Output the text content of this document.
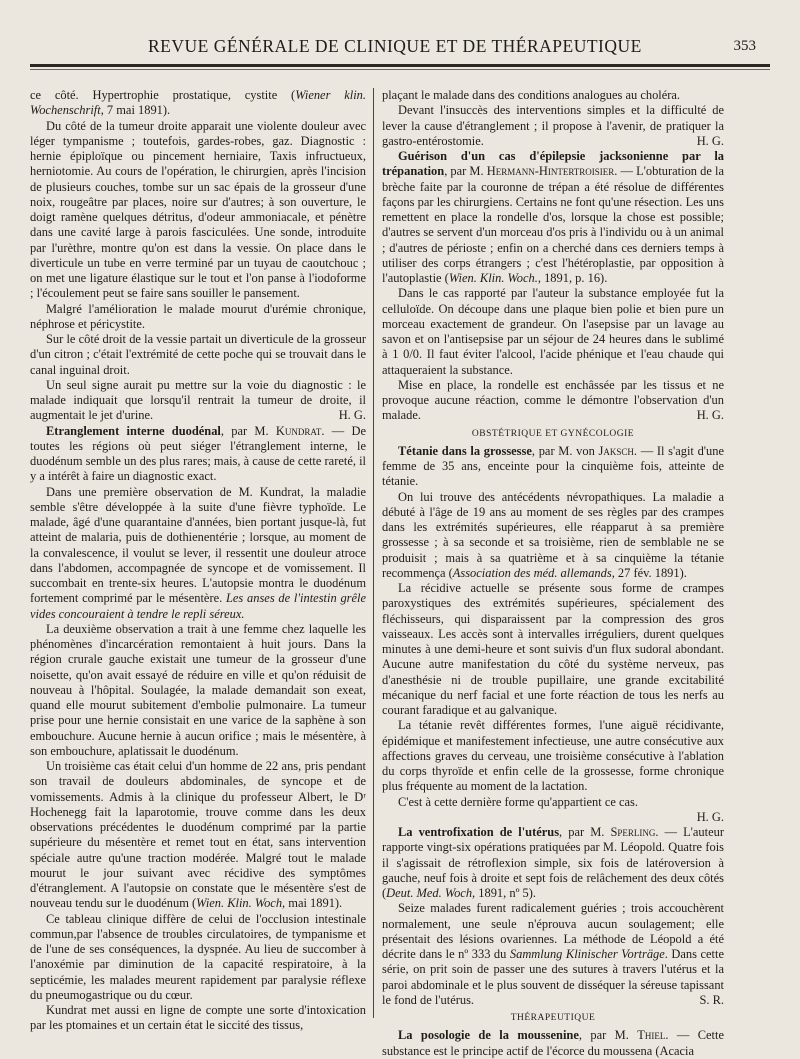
REVUE GÉNÉRALE DE CLINIQUE ET DE THÉRAPEUTIQUE	353

ce côté. Hypertrophie prostatique, cystite (Wiener klin. Wochenschrift, 7 mai 1891).

Du côté de la tumeur droite apparait une violente douleur avec léger tympanisme ; toutefois, gardes-robes, gaz. Diagnostic : hernie épiploïque ou pincement herniaire, Taxis infructueux, herniotomie. Au cours de l'opération, le chirurgien, après l'incision de plusieurs couches, tombe sur un sac épais de la grosseur d'une noix, rougeâtre par places, noire sur d'autres; à son ouverture, le doigt ramène quelques détritus, d'odeur ammoniacale, et pénètre dans une cavité large à parois fasciculées. Une sonde, introduite par l'urèthre, montre qu'on est dans la vessie. On place dans le diverticule un tube en verre terminé par un tuyau de caoutchouc ; on met une ligature élastique sur le tout et l'on panse à l'iodoforme ; l'écoulement peut se faire sans souiller le pansement.

Malgré l'amélioration le malade mourut d'urémie chronique, néphrose et péricystite.

Sur le côté droit de la vessie partait un diverticule de la grosseur d'un citron ; c'était l'extrémité de cette poche qui se trouvait dans le canal inguinal droit.

Un seul signe aurait pu mettre sur la voie du diagnostic : le malade indiquait que lorsqu'il rentrait la tumeur de droite, il augmentait le jet d'urine.	H. G.

Etranglement interne duodénal, par M. Kundrat. — De toutes les régions où peut siéger l'étranglement interne, le duodénum semble un des plus rares; mais, à cause de cette rareté, il y a intérêt à faire un diagnostic exact.

Dans une première observation de M. Kundrat, la maladie semble s'être développée à la suite d'une fièvre typhoïde. Le malade, âgé d'une quarantaine d'années, bien portant jusque-là, fut atteint de malaria, puis de dothienentérie ; lorsque, au moment de la convalescence, il voulut se lever, il ressentit une douleur atroce dans l'abdomen, accompagnée de syncope et de vomissement. Il succombait en trente-six heures. L'autopsie montra le duodénum fortement comprimé par le mésentère. Les anses de l'intestin grêle vides concouraient à tendre le repli séreux.

La deuxième observation a trait à une femme chez laquelle les phénomènes d'incarcération remontaient à huit jours. Dans la région crurale gauche existait une tumeur de la grosseur d'une noisette, qu'on avait essayé de réduire en ville et qu'on réduisit de nouveau à l'hôpital. Soulagée, la malade demandait son exeat, quand elle mourut subitement d'embolie pulmonaire. La tumeur prise pour une hernie consistait en une varice de la saphène à son embouchure. Aucune hernie à aucun orifice ; mais le mésentère, à son embouchure, aplatissait le duodénum.

Un troisième cas était celui d'un homme de 22 ans, pris pendant son travail de douleurs abdominales, de syncope et de vomissements. Admis à la clinique du professeur Albert, le Dʳ Hochenegg fait la laparotomie, trouve comme dans les deux observations précédentes le duodénum comprimé par la partie supérieure du mésentère et remet tout en état, sans intervention spéciale autre qu'une traction modérée. Malgré tout le malade mourut le jour suivant avec récidive des symptômes d'étranglement. A l'autopsie on constate que le mésentère s'est de nouveau tendu sur le duodénum (Wien. Klin. Woch, mai 1891).

Ce tableau clinique diffère de celui de l'occlusion intestinale commun,par l'absence de troubles circulatoires, de tympanisme et de l'une de ses conséquences, la dyspnée. Au lieu de succomber à l'anoxémie par diminution de la capacité respiratoire, à la septicémie, les malades meurent rapidement par paralysie réflexe du pneumogastrique ou du cœur.

Kundrat met aussi en ligne de compte une sorte d'intoxication par les ptomaines et un certain état le siccité des tissus,

plaçant le malade dans des conditions analogues au choléra.

Devant l'insuccès des interventions simples et la difficulté de lever la cause d'étranglement ; il propose à l'avenir, de pratiquer la gastro-entérostomie.	H. G.

Guérison d'un cas d'épilepsie jacksonienne par la trépanation, par M. Hermann-Hintertroisier. — L'obturation de la brèche faite par la couronne de trépan a été résolue de différentes façons par les chirurgiens. Certains ne font qu'une résection. Les uns remettent en place la rondelle d'os, lorsque la chose est possible; d'autres se servent d'un morceau d'os pris à l'individu ou à un animal ; d'autres de périoste ; enfin on a cherché dans ces derniers temps à utiliser des corps étrangers ; c'est l'hétéroplastie, par opposition à l'autoplastie (Wien. Klin. Woch., 1891, p. 16).

Dans le cas rapporté par l'auteur la substance employée fut la celluloïde. On découpe dans une plaque bien polie et bien pure un morceau exactement de grandeur. On l'asepsise par un lavage au savon et on l'antisepsise par un séjour de 24 heures dans le sublimé à 1 0/0. Il faut éviter l'alcool, l'acide phénique et l'eau chaude qui attaqueraient la substance.

Mise en place, la rondelle est enchâssée par les tissus et ne provoque aucune réaction, comme le démontre l'observation d'un malade.	H. G.

OBSTÉTRIQUE ET GYNÉCOLOGIE

Tétanie dans la grossesse, par M. von Jaksch. — Il s'agit d'une femme de 35 ans, enceinte pour la cinquième fois, atteinte de tétanie.

On lui trouve des antécédents névropathiques. La maladie a débuté à l'âge de 19 ans au moment de ses règles par des crampes dans les extrémités supérieures, elle réapparut à sa première grossesse ; à sa seconde et sa troisième, rien de semblable ne se produisit ; mais à sa quatrième et à sa cinquième la tétanie recommença (Association des méd. allemands, 27 fév. 1891).

La récidive actuelle se présente sous forme de crampes paroxystiques des extrémités supérieures, spécialement des fléchisseurs, qui disparaissent par la compression des gros vaisseaux. Les accès sont à intervalles irréguliers, durent quelques minutes à une demi-heure et sont suivis d'un flux sudoral abondant. Aucune autre manifestation du côté du système nerveux, pas d'anesthésie ni de trouble pupillaire, une grande excitabilité mécanique du nerf facial et une forte réaction de tous les nerfs au courant faradique et au galvanique.

La tétanie revêt différentes formes, l'une aiguë récidivante, épidémique et manifestement infectieuse, une autre consécutive aux affections graves du cerveau, une troisième consécutive à l'ablation du corps thyroïde et enfin celle de la grossesse, forme chronique plus fréquente au moment de la lactation.

C'est à cette dernière forme qu'appartient ce cas.

H. G.

La ventrofixation de l'utérus, par M. Sperling. — L'auteur rapporte vingt-six opérations pratiquées par M. Léopold. Quatre fois il s'agissait de rétroflexion simple, six fois de latéroversion à gauche, neuf fois à droite et sept fois de relâchement des deux côtés (Deut. Med. Woch, 1891, nº 5).

Seize malades furent radicalement guéries ; trois accouchèrent normalement, une seule n'éprouva aucun soulagement; elle présentait des lésions ovariennes. La méthode de Léopold a été décrite dans le nº 333 du Sammlung Klinischer Vorträge. Dans cette série, on prit soin de passer une des sutures à travers l'utérus et la paroi abdominale et le plus souvent de disséquer la séreuse tapissant le fond de l'utérus.	S. R.

THÉRAPEUTIQUE

La posologie de la moussenine, par M. Thiel. — Cette substance est le principe actif de l'écorce du moussena (Acacia
